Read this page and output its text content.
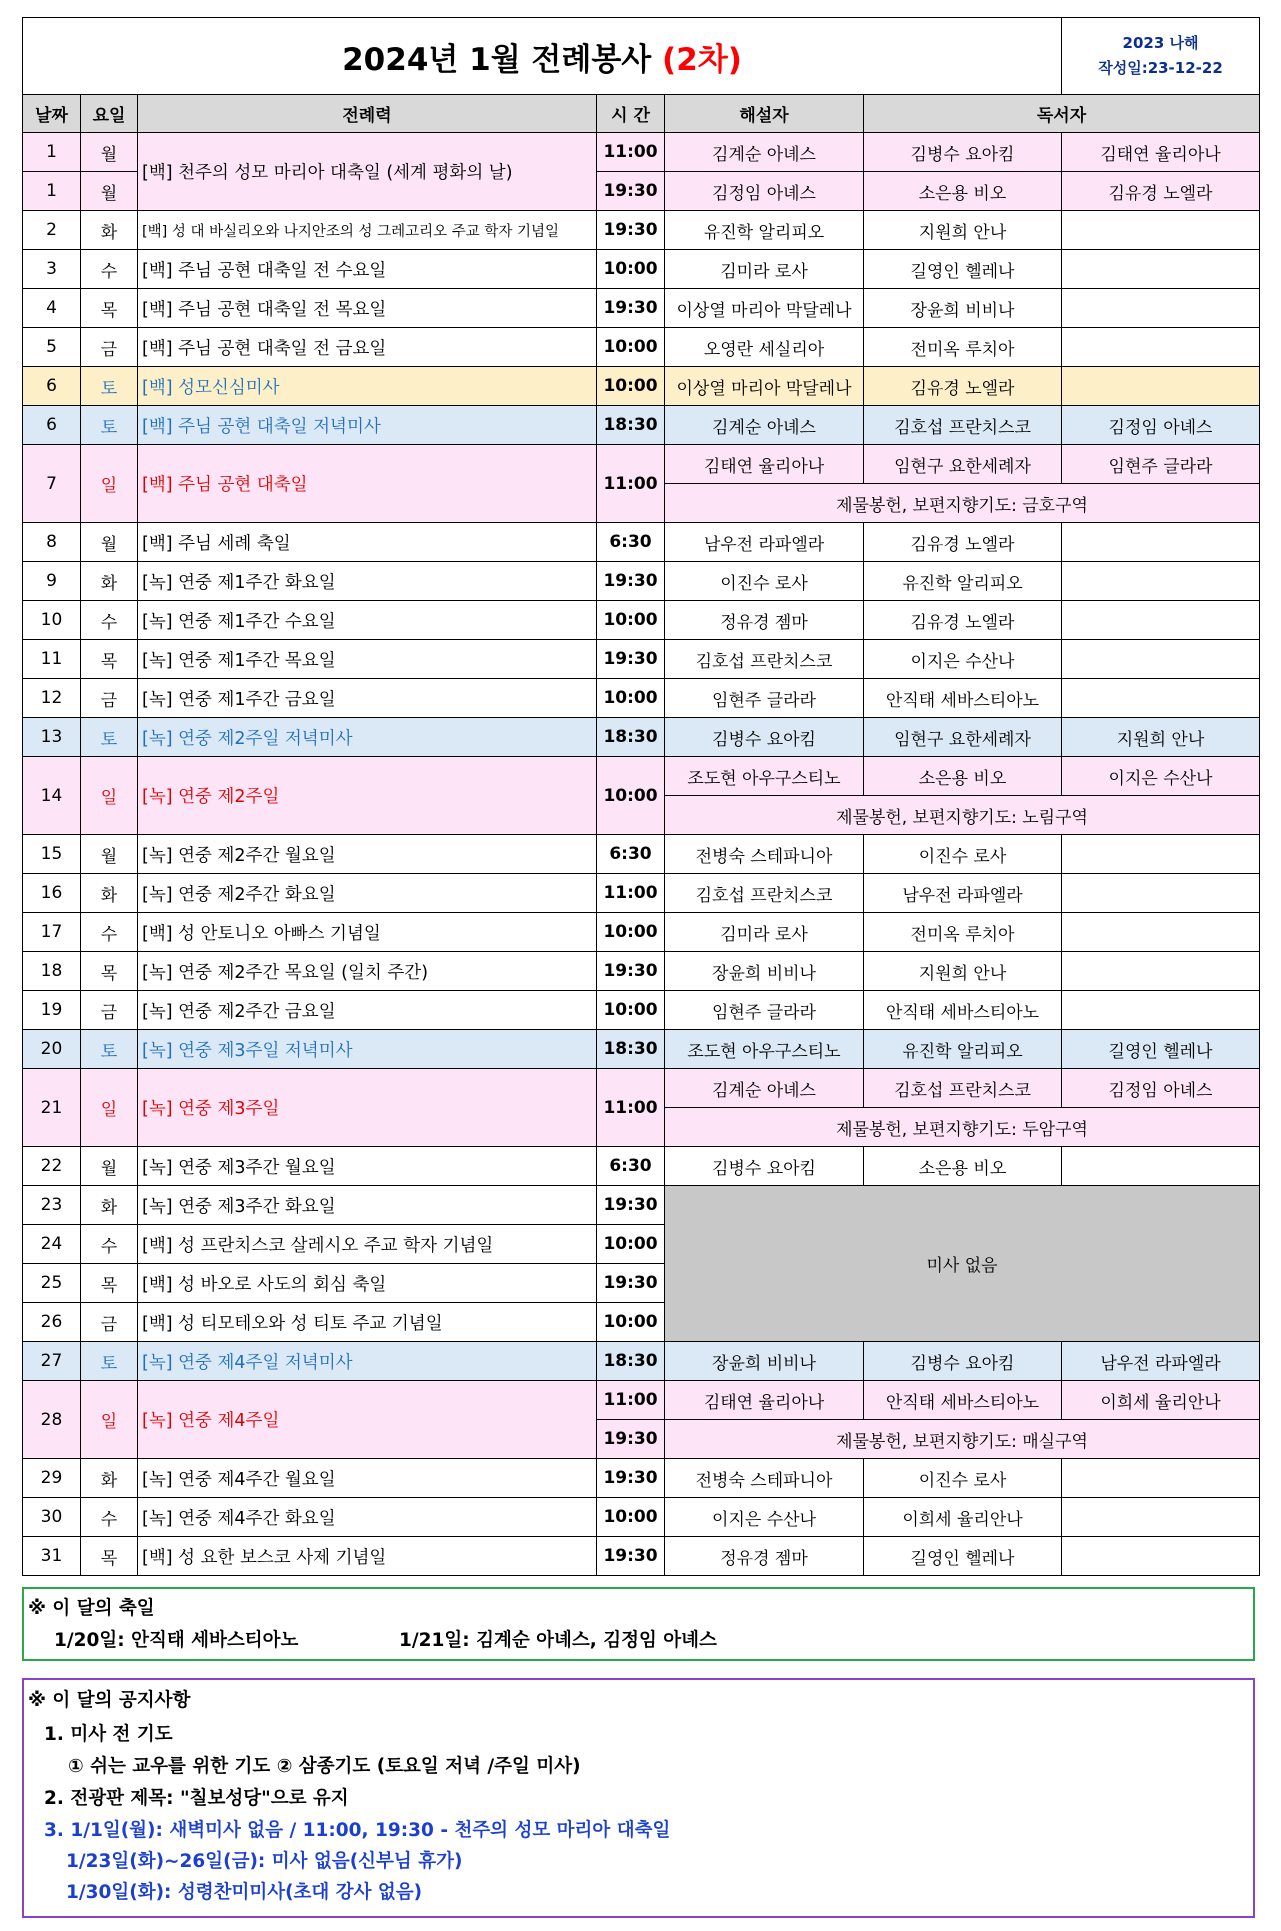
2024년 1월 전례봉사 (2차)						2023 나해
작성일:23-12-22

날짜	요일	전례력	시 간	해설자	독서자	
1	월	[백] 천주의 성모 마리아 대축일 (세계 평화의 날)	11:00	김계순 아녜스	김병수 요아킴	김태연 율리아나
1	월		19:30	김정임 아녜스	소은용 비오	김유경 노엘라
2	화	[백] 성 대 바실리오와 나지안조의 성 그레고리오 주교 학자 기념일	19:30	유진학 알리피오	지원희 안나	
3	수	[백] 주님 공현 대축일 전 수요일	10:00	김미라 로사	길영인 헬레나	
4	목	[백] 주님 공현 대축일 전 목요일	19:30	이상열 마리아 막달레나	장윤희 비비나	
5	금	[백] 주님 공현 대축일 전 금요일	10:00	오영란 세실리아	전미옥 루치아	
6	토	[백] 성모신심미사	10:00	이상열 마리아 막달레나	김유경 노엘라	
6	토	[백] 주님 공현 대축일 저녁미사	18:30	김계순 아녜스	김호섭 프란치스코	김정임 아녜스
7	일	[백] 주님 공현 대축일	11:00	김태연 율리아나	임현구 요한세례자	임현주 글라라
				제물봉헌, 보편지향기도: 금호구역		
8	월	[백] 주님 세례 축일	6:30	남우전 라파엘라	김유경 노엘라	
9	화	[녹] 연중 제1주간 화요일	19:30	이진수 로사	유진학 알리피오	
10	수	[녹] 연중 제1주간 수요일	10:00	정유경 젬마	김유경 노엘라	
11	목	[녹] 연중 제1주간 목요일	19:30	김호섭 프란치스코	이지은 수산나	
12	금	[녹] 연중 제1주간 금요일	10:00	임현주 글라라	안직태 세바스티아노	
13	토	[녹] 연중 제2주일 저녁미사	18:30	김병수 요아킴	임현구 요한세례자	지원희 안나
14	일	[녹] 연중 제2주일	10:00	조도현 아우구스티노	소은용 비오	이지은 수산나
				제물봉헌, 보편지향기도: 노림구역		
15	월	[녹] 연중 제2주간 월요일	6:30	전병숙 스테파니아	이진수 로사	
16	화	[녹] 연중 제2주간 화요일	11:00	김호섭 프란치스코	남우전 라파엘라	
17	수	[백] 성 안토니오 아빠스 기념일	10:00	김미라 로사	전미옥 루치아	
18	목	[녹] 연중 제2주간 목요일 (일치 주간)	19:30	장윤희 비비나	지원희 안나	
19	금	[녹] 연중 제2주간 금요일	10:00	임현주 글라라	안직태 세바스티아노	
20	토	[녹] 연중 제3주일 저녁미사	18:30	조도현 아우구스티노	유진학 알리피오	길영인 헬레나
21	일	[녹] 연중 제3주일	11:00	김계순 아녜스	김호섭 프란치스코	김정임 아녜스
				제물봉헌, 보편지향기도: 두암구역		
22	월	[녹] 연중 제3주간 월요일	6:30	김병수 요아킴	소은용 비오	
23	화	[녹] 연중 제3주간 화요일	19:30	미사 없음		
24	수	[백] 성 프란치스코 살레시오 주교 학자 기념일	10:00			
25	목	[백] 성 바오로 사도의 회심 축일	19:30			
26	금	[백] 성 티모테오와 성 티토 주교 기념일	10:00			
27	토	[녹] 연중 제4주일 저녁미사	18:30	장윤희 비비나	김병수 요아킴	남우전 라파엘라
28	일	[녹] 연중 제4주일	11:00	김태연 율리아나	안직태 세바스티아노	이희세 율리안나
			19:30	제물봉헌, 보편지향기도: 매실구역		
29	화	[녹] 연중 제4주간 월요일	19:30	전병숙 스테파니아	이진수 로사	
30	수	[녹] 연중 제4주간 화요일	10:00	이지은 수산나	이희세 율리안나	
31	목	[백] 성 요한 보스코 사제 기념일	19:30	정유경 젬마	길영인 헬레나	
※ 이 달의 축일
1/20일: 안직태 세바스티아노	1/21일: 김계순 아녜스, 김정임 아녜스
※ 이 달의 공지사항
1. 미사 전 기도
① 쉬는 교우를 위한 기도 ② 삼종기도 (토요일 저녁 /주일 미사)
2. 전광판 제목: "칠보성당"으로 유지
3. 1/1일(월): 새벽미사 없음 / 11:00, 19:30 - 천주의 성모 마리아 대축일
1/23일(화)~26일(금): 미사 없음(신부님 휴가)
1/30일(화): 성령찬미미사(초대 강사 없음)
